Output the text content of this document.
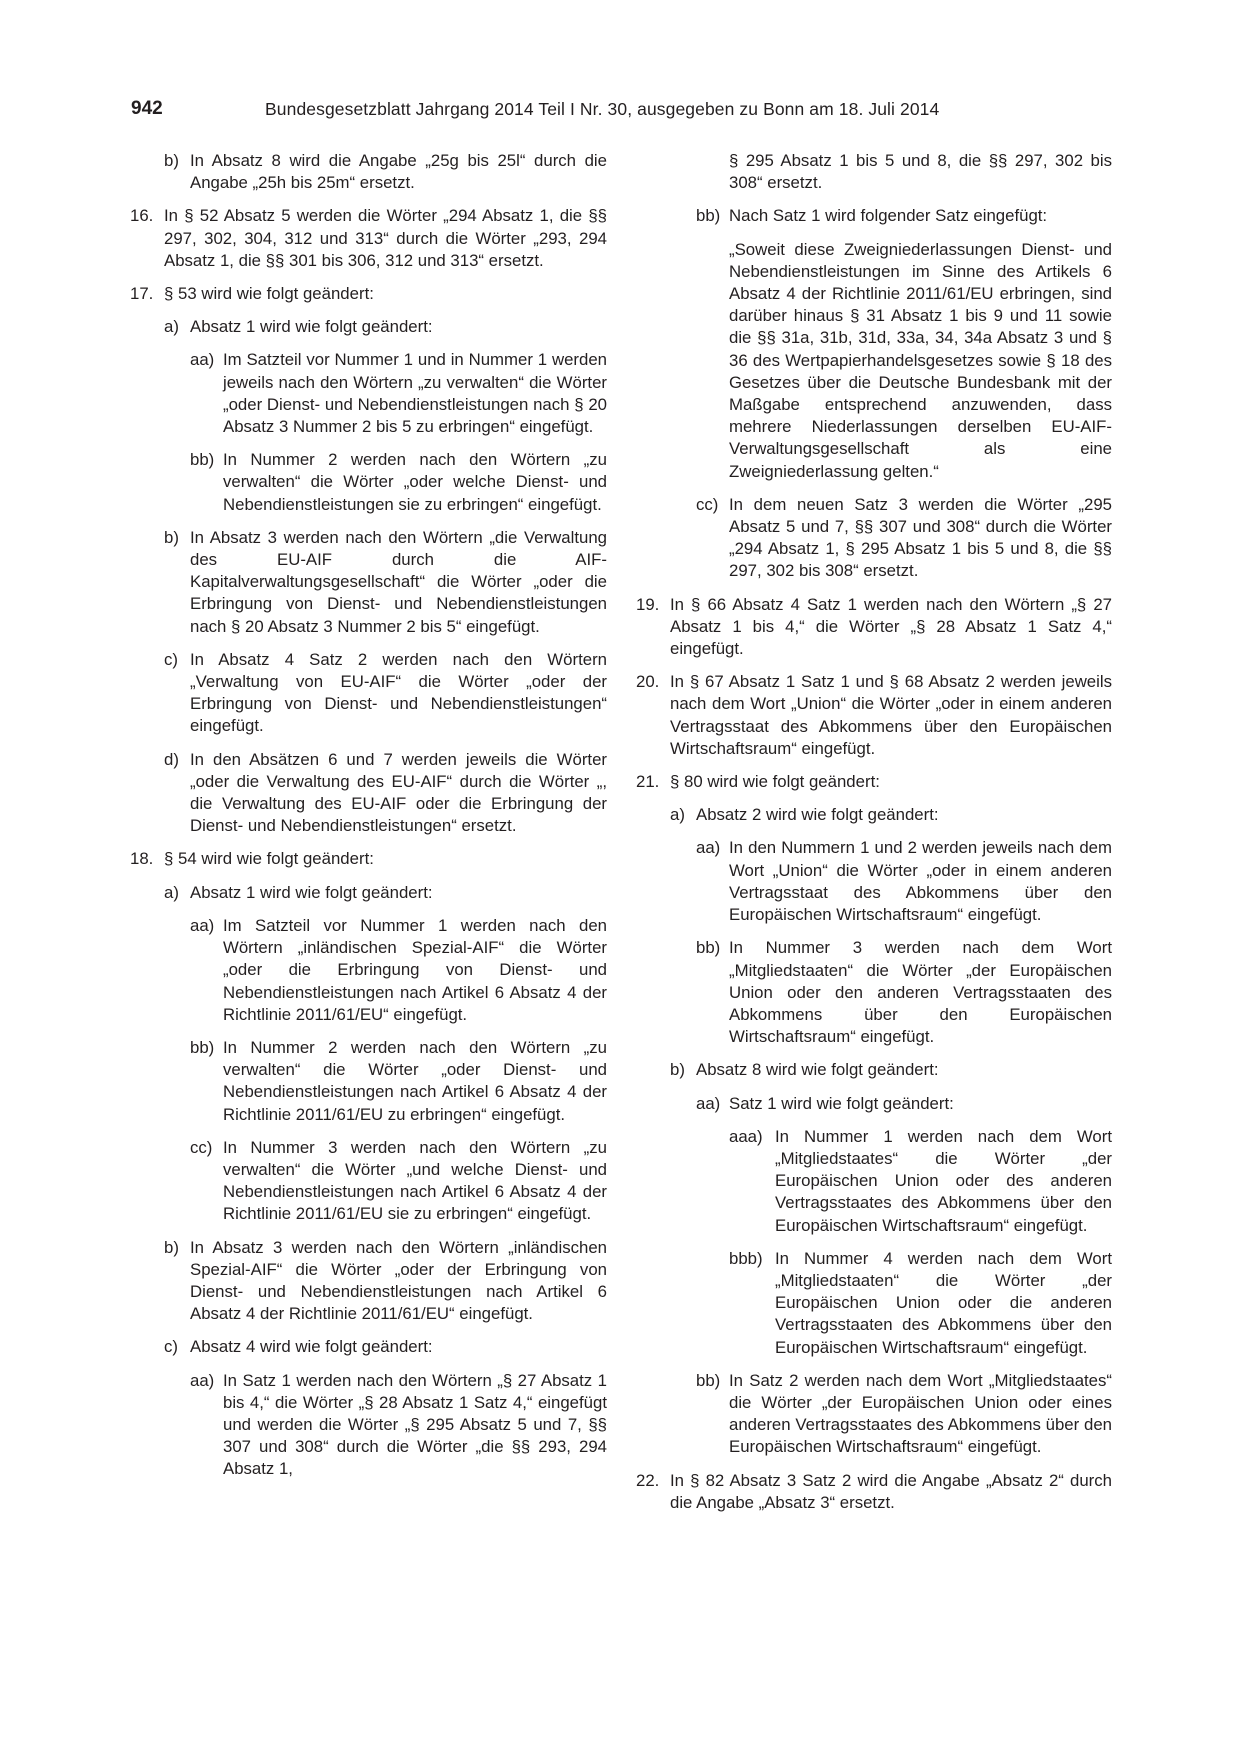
942	Bundesgesetzblatt Jahrgang 2014 Teil I Nr. 30, ausgegeben zu Bonn am 18. Juli 2014
b) In Absatz 8 wird die Angabe „25g bis 25l“ durch die Angabe „25h bis 25m“ ersetzt.
16. In § 52 Absatz 5 werden die Wörter „294 Absatz 1, die §§ 297, 302, 304, 312 und 313“ durch die Wörter „293, 294 Absatz 1, die §§ 301 bis 306, 312 und 313“ ersetzt.
17. § 53 wird wie folgt geändert:
a) Absatz 1 wird wie folgt geändert:
aa) Im Satzteil vor Nummer 1 und in Nummer 1 werden jeweils nach den Wörtern „zu verwalten“ die Wörter „oder Dienst- und Nebendienstleistungen nach § 20 Absatz 3 Nummer 2 bis 5 zu erbringen“ eingefügt.
bb) In Nummer 2 werden nach den Wörtern „zu verwalten“ die Wörter „oder welche Dienst- und Nebendienstleistungen sie zu erbringen“ eingefügt.
b) In Absatz 3 werden nach den Wörtern „die Verwaltung des EU-AIF durch die AIF-Kapitalverwaltungsgesellschaft“ die Wörter „oder die Erbringung von Dienst- und Nebendienstleistungen nach § 20 Absatz 3 Nummer 2 bis 5“ eingefügt.
c) In Absatz 4 Satz 2 werden nach den Wörtern „Verwaltung von EU-AIF“ die Wörter „oder der Erbringung von Dienst- und Nebendienstleistungen“ eingefügt.
d) In den Absätzen 6 und 7 werden jeweils die Wörter „oder die Verwaltung des EU-AIF“ durch die Wörter „, die Verwaltung des EU-AIF oder die Erbringung der Dienst- und Nebendienstleistungen“ ersetzt.
18. § 54 wird wie folgt geändert:
a) Absatz 1 wird wie folgt geändert:
aa) Im Satzteil vor Nummer 1 werden nach den Wörtern „inländischen Spezial-AIF“ die Wörter „oder die Erbringung von Dienst- und Nebendienstleistungen nach Artikel 6 Absatz 4 der Richtlinie 2011/61/EU“ eingefügt.
bb) In Nummer 2 werden nach den Wörtern „zu verwalten“ die Wörter „oder Dienst- und Nebendienstleistungen nach Artikel 6 Absatz 4 der Richtlinie 2011/61/EU zu erbringen“ eingefügt.
cc) In Nummer 3 werden nach den Wörtern „zu verwalten“ die Wörter „und welche Dienst- und Nebendienstleistungen nach Artikel 6 Absatz 4 der Richtlinie 2011/61/EU sie zu erbringen“ eingefügt.
b) In Absatz 3 werden nach den Wörtern „inländischen Spezial-AIF“ die Wörter „oder der Erbringung von Dienst- und Nebendienstleistungen nach Artikel 6 Absatz 4 der Richtlinie 2011/61/EU“ eingefügt.
c) Absatz 4 wird wie folgt geändert:
aa) In Satz 1 werden nach den Wörtern „§ 27 Absatz 1 bis 4,“ die Wörter „§ 28 Absatz 1 Satz 4,“ eingefügt und werden die Wörter „§ 295 Absatz 5 und 7, §§ 307 und 308“ durch die Wörter „die §§ 293, 294 Absatz 1,
§ 295 Absatz 1 bis 5 und 8, die §§ 297, 302 bis 308“ ersetzt.
bb) Nach Satz 1 wird folgender Satz eingefügt:
„Soweit diese Zweigniederlassungen Dienst- und Nebendienstleistungen im Sinne des Artikels 6 Absatz 4 der Richtlinie 2011/61/EU erbringen, sind darüber hinaus § 31 Absatz 1 bis 9 und 11 sowie die §§ 31a, 31b, 31d, 33a, 34, 34a Absatz 3 und § 36 des Wertpapierhandelsgesetzes sowie § 18 des Gesetzes über die Deutsche Bundesbank mit der Maßgabe entsprechend anzuwenden, dass mehrere Niederlassungen derselben EU-AIF-Verwaltungsgesellschaft als eine Zweigniederlassung gelten.“
cc) In dem neuen Satz 3 werden die Wörter „295 Absatz 5 und 7, §§ 307 und 308“ durch die Wörter „294 Absatz 1, § 295 Absatz 1 bis 5 und 8, die §§ 297, 302 bis 308“ ersetzt.
19. In § 66 Absatz 4 Satz 1 werden nach den Wörtern „§ 27 Absatz 1 bis 4,“ die Wörter „§ 28 Absatz 1 Satz 4,“ eingefügt.
20. In § 67 Absatz 1 Satz 1 und § 68 Absatz 2 werden jeweils nach dem Wort „Union“ die Wörter „oder in einem anderen Vertragsstaat des Abkommens über den Europäischen Wirtschaftsraum“ eingefügt.
21. § 80 wird wie folgt geändert:
a) Absatz 2 wird wie folgt geändert:
aa) In den Nummern 1 und 2 werden jeweils nach dem Wort „Union“ die Wörter „oder in einem anderen Vertragsstaat des Abkommens über den Europäischen Wirtschaftsraum“ eingefügt.
bb) In Nummer 3 werden nach dem Wort „Mitgliedstaaten“ die Wörter „der Europäischen Union oder den anderen Vertragsstaaten des Abkommens über den Europäischen Wirtschaftsraum“ eingefügt.
b) Absatz 8 wird wie folgt geändert:
aa) Satz 1 wird wie folgt geändert:
aaa) In Nummer 1 werden nach dem Wort „Mitgliedstaates“ die Wörter „der Europäischen Union oder des anderen Vertragsstaates des Abkommens über den Europäischen Wirtschaftsraum“ eingefügt.
bbb) In Nummer 4 werden nach dem Wort „Mitgliedstaaten“ die Wörter „der Europäischen Union oder die anderen Vertragsstaaten des Abkommens über den Europäischen Wirtschaftsraum“ eingefügt.
bb) In Satz 2 werden nach dem Wort „Mitgliedstaates“ die Wörter „der Europäischen Union oder eines anderen Vertragsstaates des Abkommens über den Europäischen Wirtschaftsraum“ eingefügt.
22. In § 82 Absatz 3 Satz 2 wird die Angabe „Absatz 2“ durch die Angabe „Absatz 3“ ersetzt.
